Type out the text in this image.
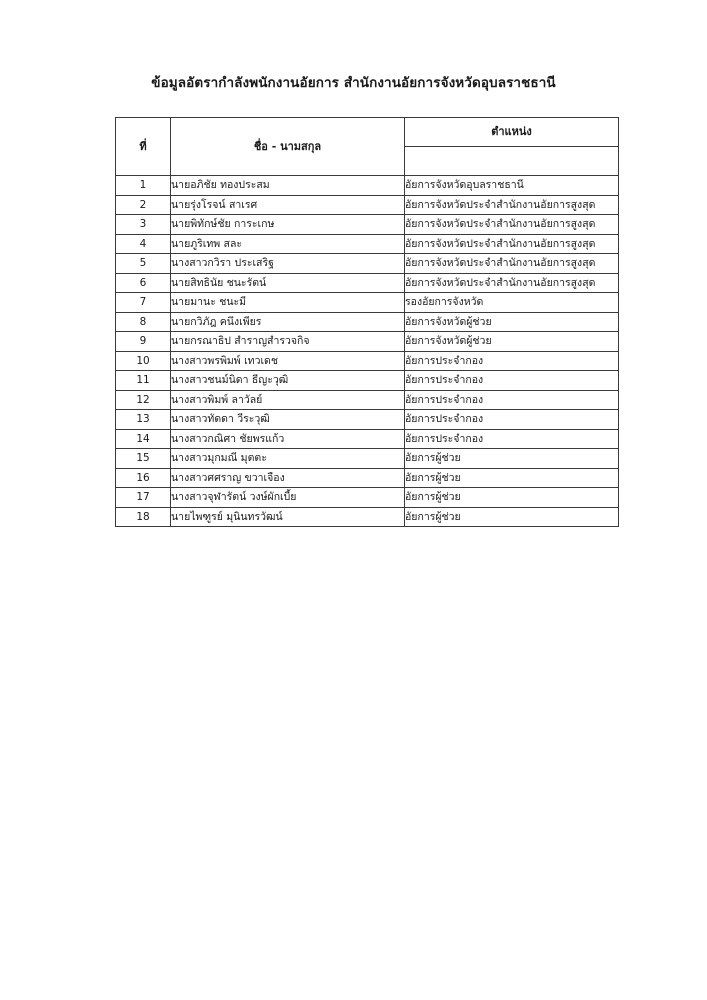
ข้อมูลอัตรากำลังพนักงานอัยการ สำนักงานอัยการจังหวัดอุบลราชธานี
ที่	ชื่อ - นามสกุล	ตำแหน่ง

1	นายอภิชัย ทองประสม	อัยการจังหวัดอุบลราชธานี
2	นายรุ่งโรจน์ สาเรศ	อัยการจังหวัดประจำสำนักงานอัยการสูงสุด
3	นายพิทักษ์ชัย การะเกษ	อัยการจังหวัดประจำสำนักงานอัยการสูงสุด
4	นายภูริเทพ สละ	อัยการจังหวัดประจำสำนักงานอัยการสูงสุด
5	นางสาวกวิรา ประเสริฐ	อัยการจังหวัดประจำสำนักงานอัยการสูงสุด
6	นายสิทธินัย ชนะรัตน์	อัยการจังหวัดประจำสำนักงานอัยการสูงสุด
7	นายมานะ ชนะมี	รองอัยการจังหวัด
8	นายกวิภัฎ คนึงเพียร	อัยการจังหวัดผู้ช่วย
9	นายกรณาธิป สำราญสำรวจกิจ	อัยการจังหวัดผู้ช่วย
10	นางสาวพรพิมพ์ เทวเดช	อัยการประจำกอง
11	นางสาวชนม์นิดา ธีญะวุฒิ	อัยการประจำกอง
12	นางสาวพิมพ์ ลาวัลย์	อัยการประจำกอง
13	นางสาวทัดดา วีระวุฒิ	อัยการประจำกอง
14	นางสาวกณิศา ชัยพรแก้ว	อัยการประจำกอง
15	นางสาวมุกมณี มุตตะ	อัยการผู้ช่วย
16	นางสาวศศราญ ขวาเจือง	อัยการผู้ช่วย
17	นางสาวจุฬารัตน์ วงษ์ผักเบี้ย	อัยการผู้ช่วย
18	นายไพฑูรย์ มุนินทรวัฒน์	อัยการผู้ช่วย
